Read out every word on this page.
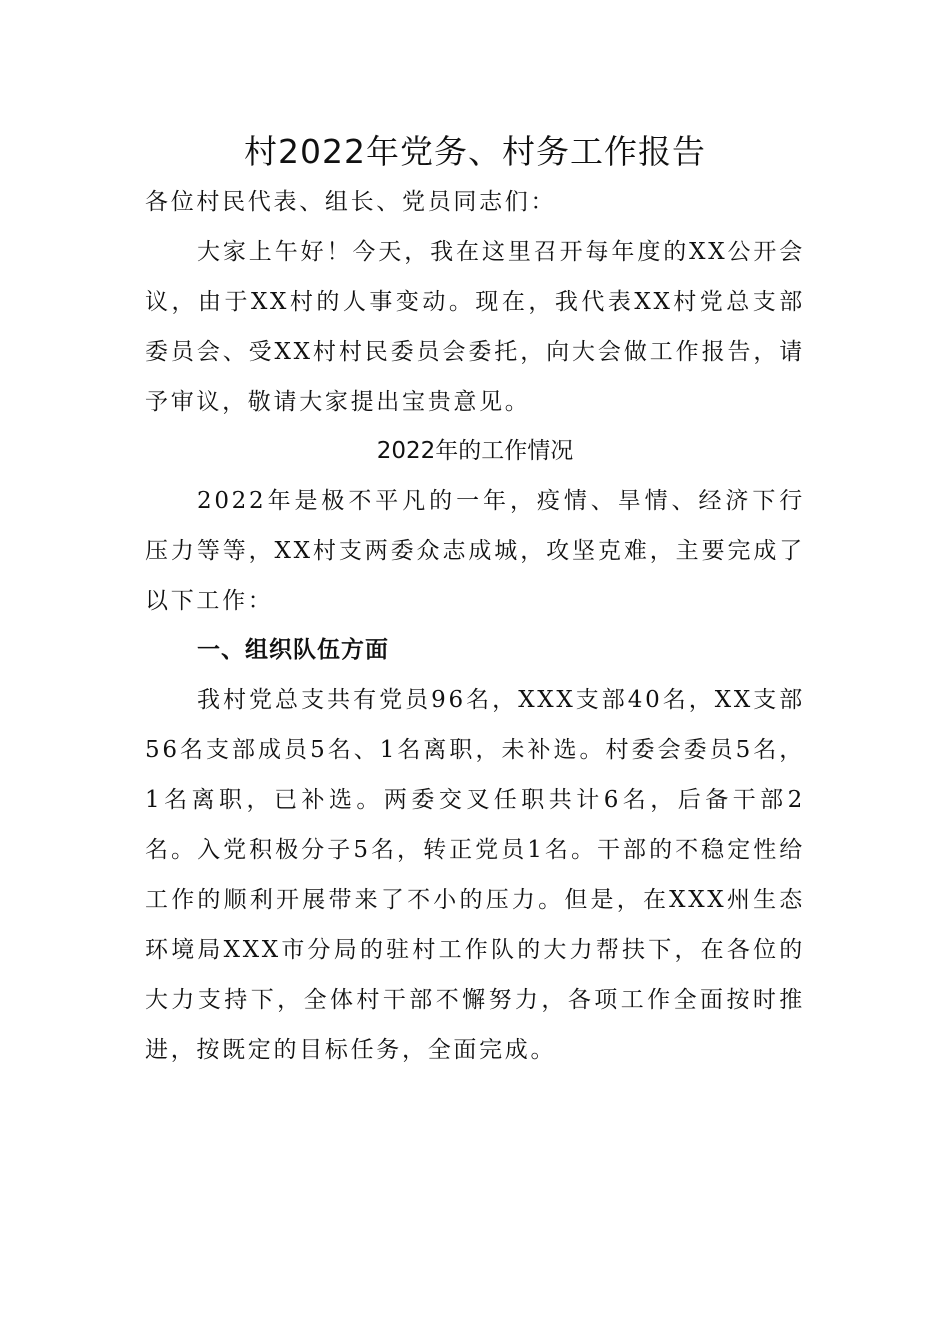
村2022年党务、村务工作报告
各位村民代表、组长、党员同志们：
大家上午好！今天，我在这里召开每年度的XX公开会议，由于XX村的人事变动。现在，我代表XX村党总支部委员会、受XX村村民委员会委托，向大会做工作报告，请予审议，敬请大家提出宝贵意见。
2022年的工作情况
2022年是极不平凡的一年，疫情、旱情、经济下行压力等等，XX村支两委众志成城，攻坚克难，主要完成了以下工作：
一、组织队伍方面
我村党总支共有党员96名，XXX支部40名，XX支部56名支部成员5名、1名离职，未补选。村委会委员5名，1名离职，已补选。两委交叉任职共计6名，后备干部2名。入党积极分子5名，转正党员1名。干部的不稳定性给工作的顺利开展带来了不小的压力。但是，在XXX州生态环境局XXX市分局的驻村工作队的大力帮扶下，在各位的大力支持下，全体村干部不懈努力，各项工作全面按时推进，按既定的目标任务，全面完成。
